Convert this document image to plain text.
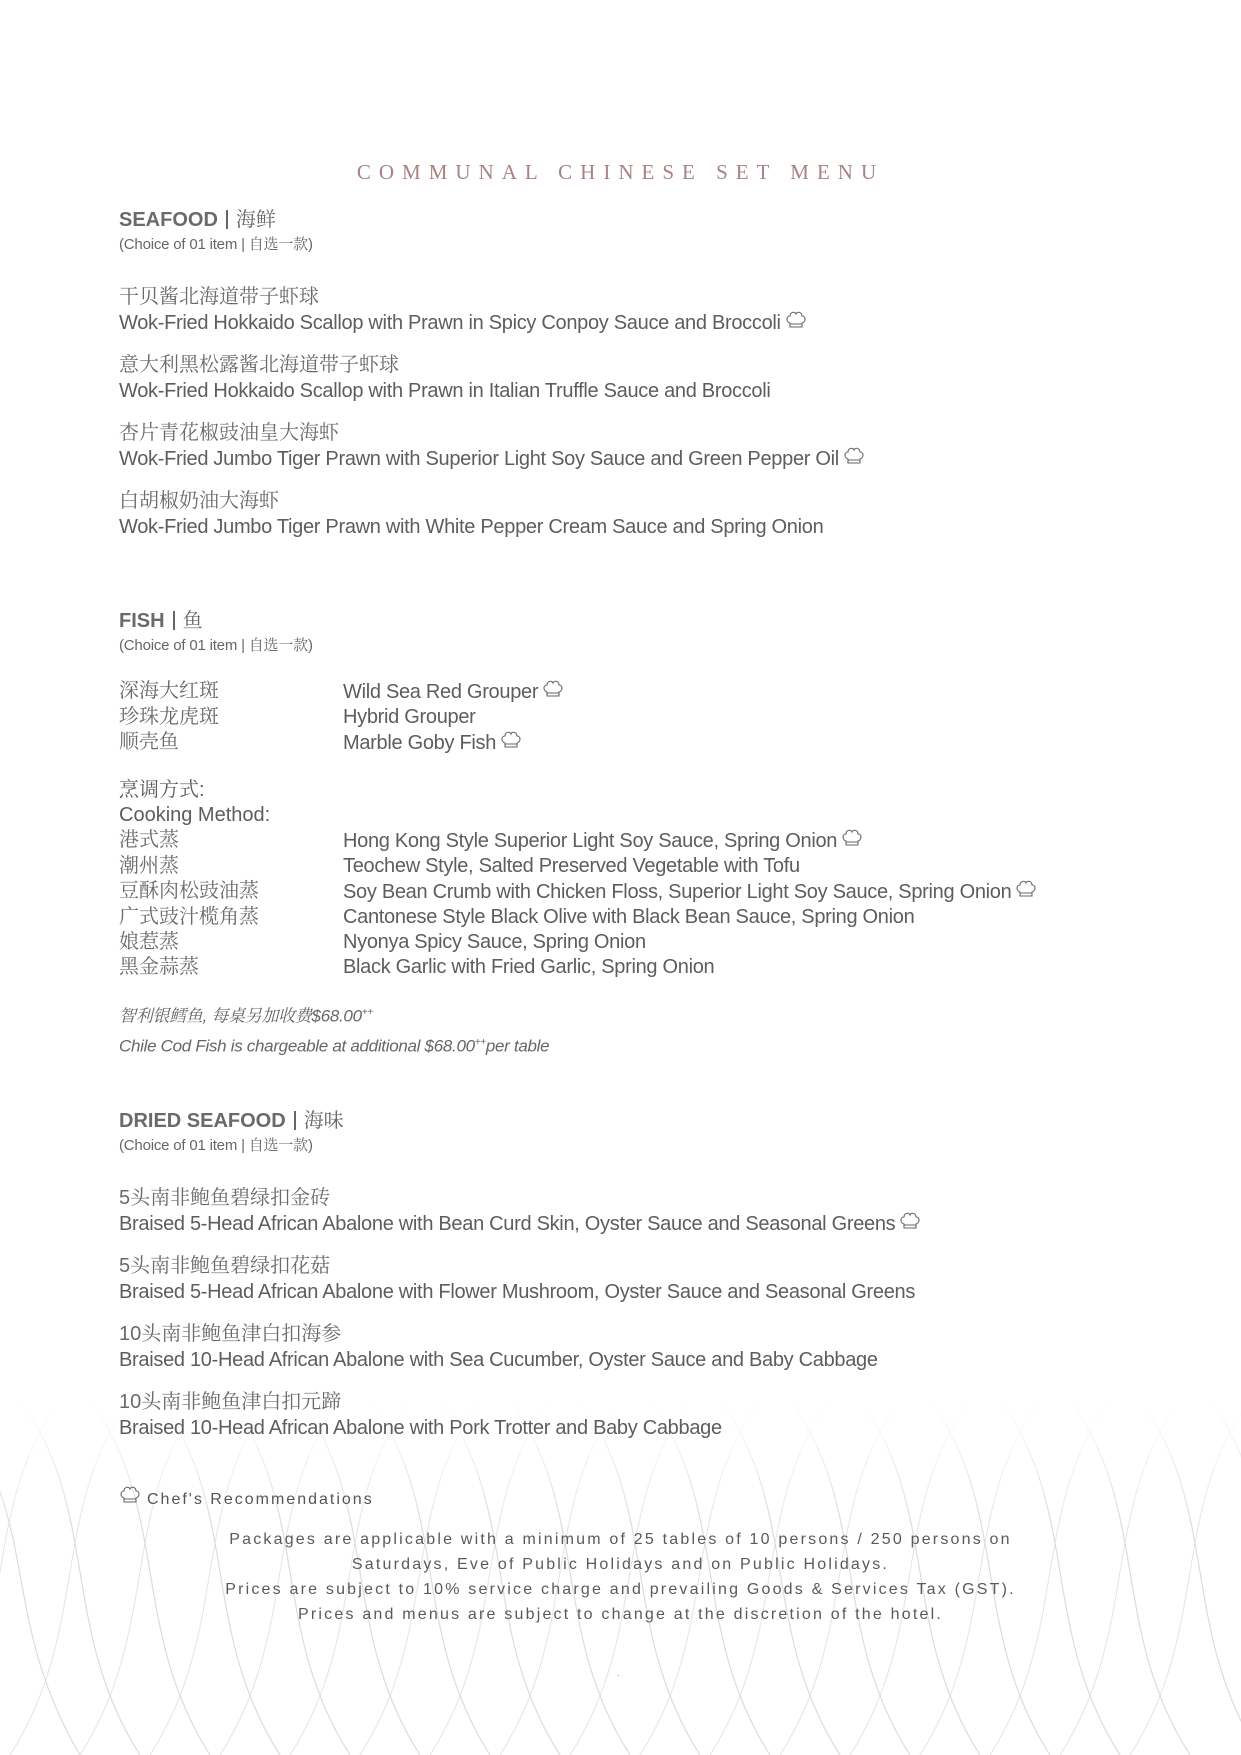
COMMUNAL CHINESE SET MENU
SEAFOOD 海鲜
(Choice of 01 item | 自选一款)
干贝酱北海道带子虾球
Wok-Fried Hokkaido Scallop with Prawn in Spicy Conpoy Sauce and Broccoli
意大利黑松露酱北海道带子虾球
Wok-Fried Hokkaido Scallop with Prawn in Italian Truffle Sauce and Broccoli
杏片青花椒豉油皇大海虾
Wok-Fried Jumbo Tiger Prawn with Superior Light Soy Sauce and Green Pepper Oil
白胡椒奶油大海虾
Wok-Fried Jumbo Tiger Prawn with White Pepper Cream Sauce and Spring Onion
FISH 鱼
(Choice of 01 item | 自选一款)
深海大红斑	Wild Sea Red Grouper
珍珠龙虎斑	Hybrid Grouper
顺壳鱼	Marble Goby Fish
烹调方式:
Cooking Method:
港式蒸	Hong Kong Style Superior Light Soy Sauce, Spring Onion
潮州蒸	Teochew Style, Salted Preserved Vegetable with Tofu
豆酥肉松豉油蒸	Soy Bean Crumb with Chicken Floss, Superior Light Soy Sauce, Spring Onion
广式豉汁榄角蒸	Cantonese Style Black Olive with Black Bean Sauce, Spring Onion
娘惹蒸	Nyonya Spicy Sauce, Spring Onion
黑金蒜蒸	Black Garlic with Fried Garlic, Spring Onion
智利银鳕鱼, 每桌另加收费$68.00++
Chile Cod Fish is chargeable at additional $68.00++per table
DRIED SEAFOOD 海味
(Choice of 01 item | 自选一款)
5头南非鲍鱼碧绿扣金砖
Braised 5-Head African Abalone with Bean Curd Skin, Oyster Sauce and Seasonal Greens
5头南非鲍鱼碧绿扣花菇
Braised 5-Head African Abalone with Flower Mushroom, Oyster Sauce and Seasonal Greens
10头南非鲍鱼津白扣海参
Braised 10-Head African Abalone with Sea Cucumber, Oyster Sauce and Baby Cabbage
10头南非鲍鱼津白扣元蹄
Braised 10-Head African Abalone with Pork Trotter and Baby Cabbage
Chef's Recommendations
Packages are applicable with a minimum of 25 tables of 10 persons / 250 persons on
Saturdays, Eve of Public Holidays and on Public Holidays.
Prices are subject to 10% service charge and prevailing Goods & Services Tax (GST).
Prices and menus are subject to change at the discretion of the hotel.
.
